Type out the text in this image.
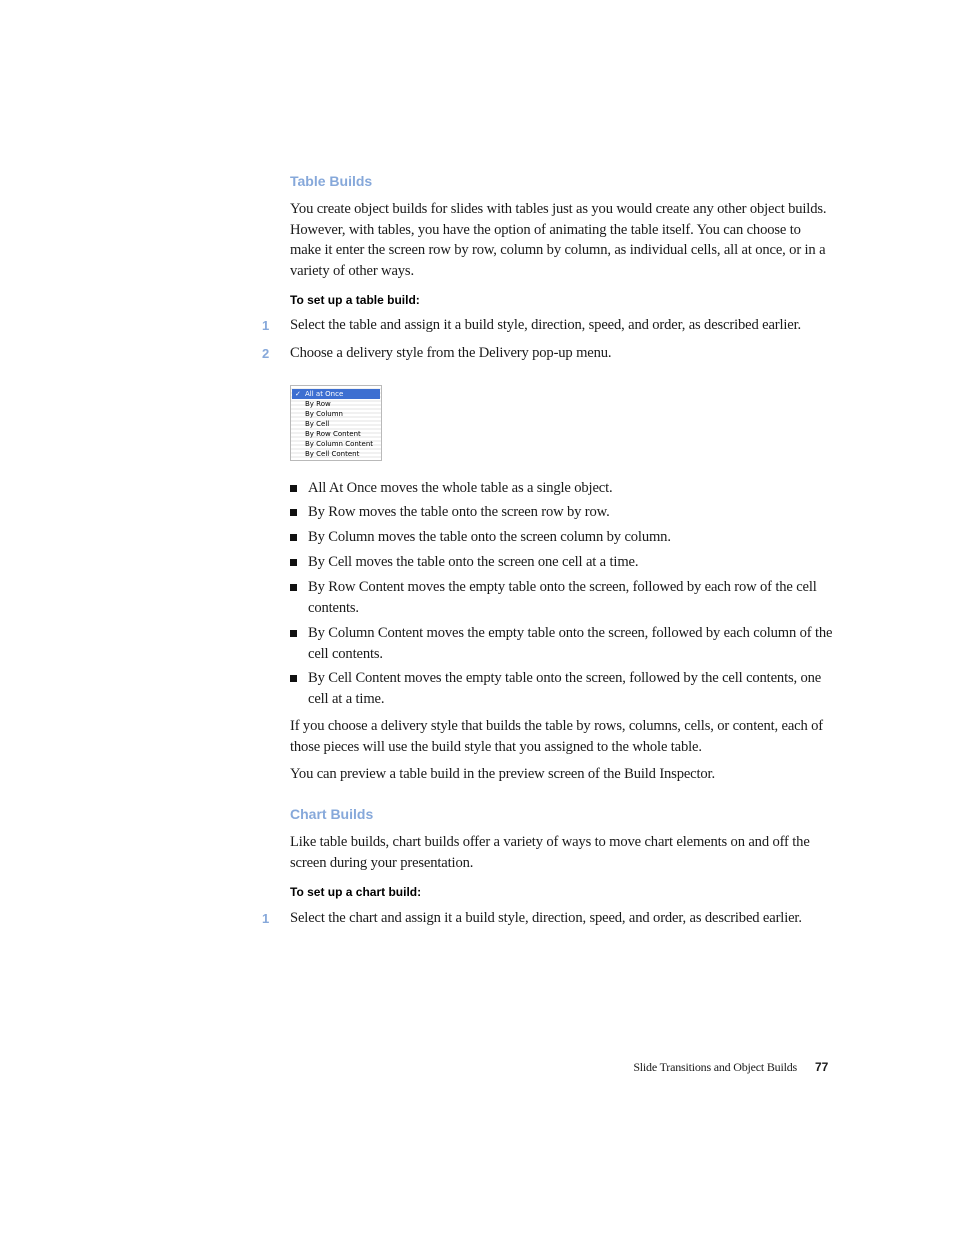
Table Builds
You create object builds for slides with tables just as you would create any other object builds. However, with tables, you have the option of animating the table itself. You can choose to make it enter the screen row by row, column by column, as individual cells, all at once, or in a variety of other ways.
To set up a table build:
1	Select the table and assign it a build style, direction, speed, and order, as described earlier.
2	Choose a delivery style from the Delivery pop-up menu.
✓ All at Once
By Row
By Column
By Cell
By Row Content
By Column Content
By Cell Content
All At Once moves the whole table as a single object.
By Row moves the table onto the screen row by row.
By Column moves the table onto the screen column by column.
By Cell moves the table onto the screen one cell at a time.
By Row Content moves the empty table onto the screen, followed by each row of the cell contents.
By Column Content moves the empty table onto the screen, followed by each column of the cell contents.
By Cell Content moves the empty table onto the screen, followed by the cell contents, one cell at a time.
If you choose a delivery style that builds the table by rows, columns, cells, or content, each of those pieces will use the build style that you assigned to the whole table.
You can preview a table build in the preview screen of the Build Inspector.
Chart Builds
Like table builds, chart builds offer a variety of ways to move chart elements on and off the screen during your presentation.
To set up a chart build:
1	Select the chart and assign it a build style, direction, speed, and order, as described earlier.
Slide Transitions and Object Builds 77
